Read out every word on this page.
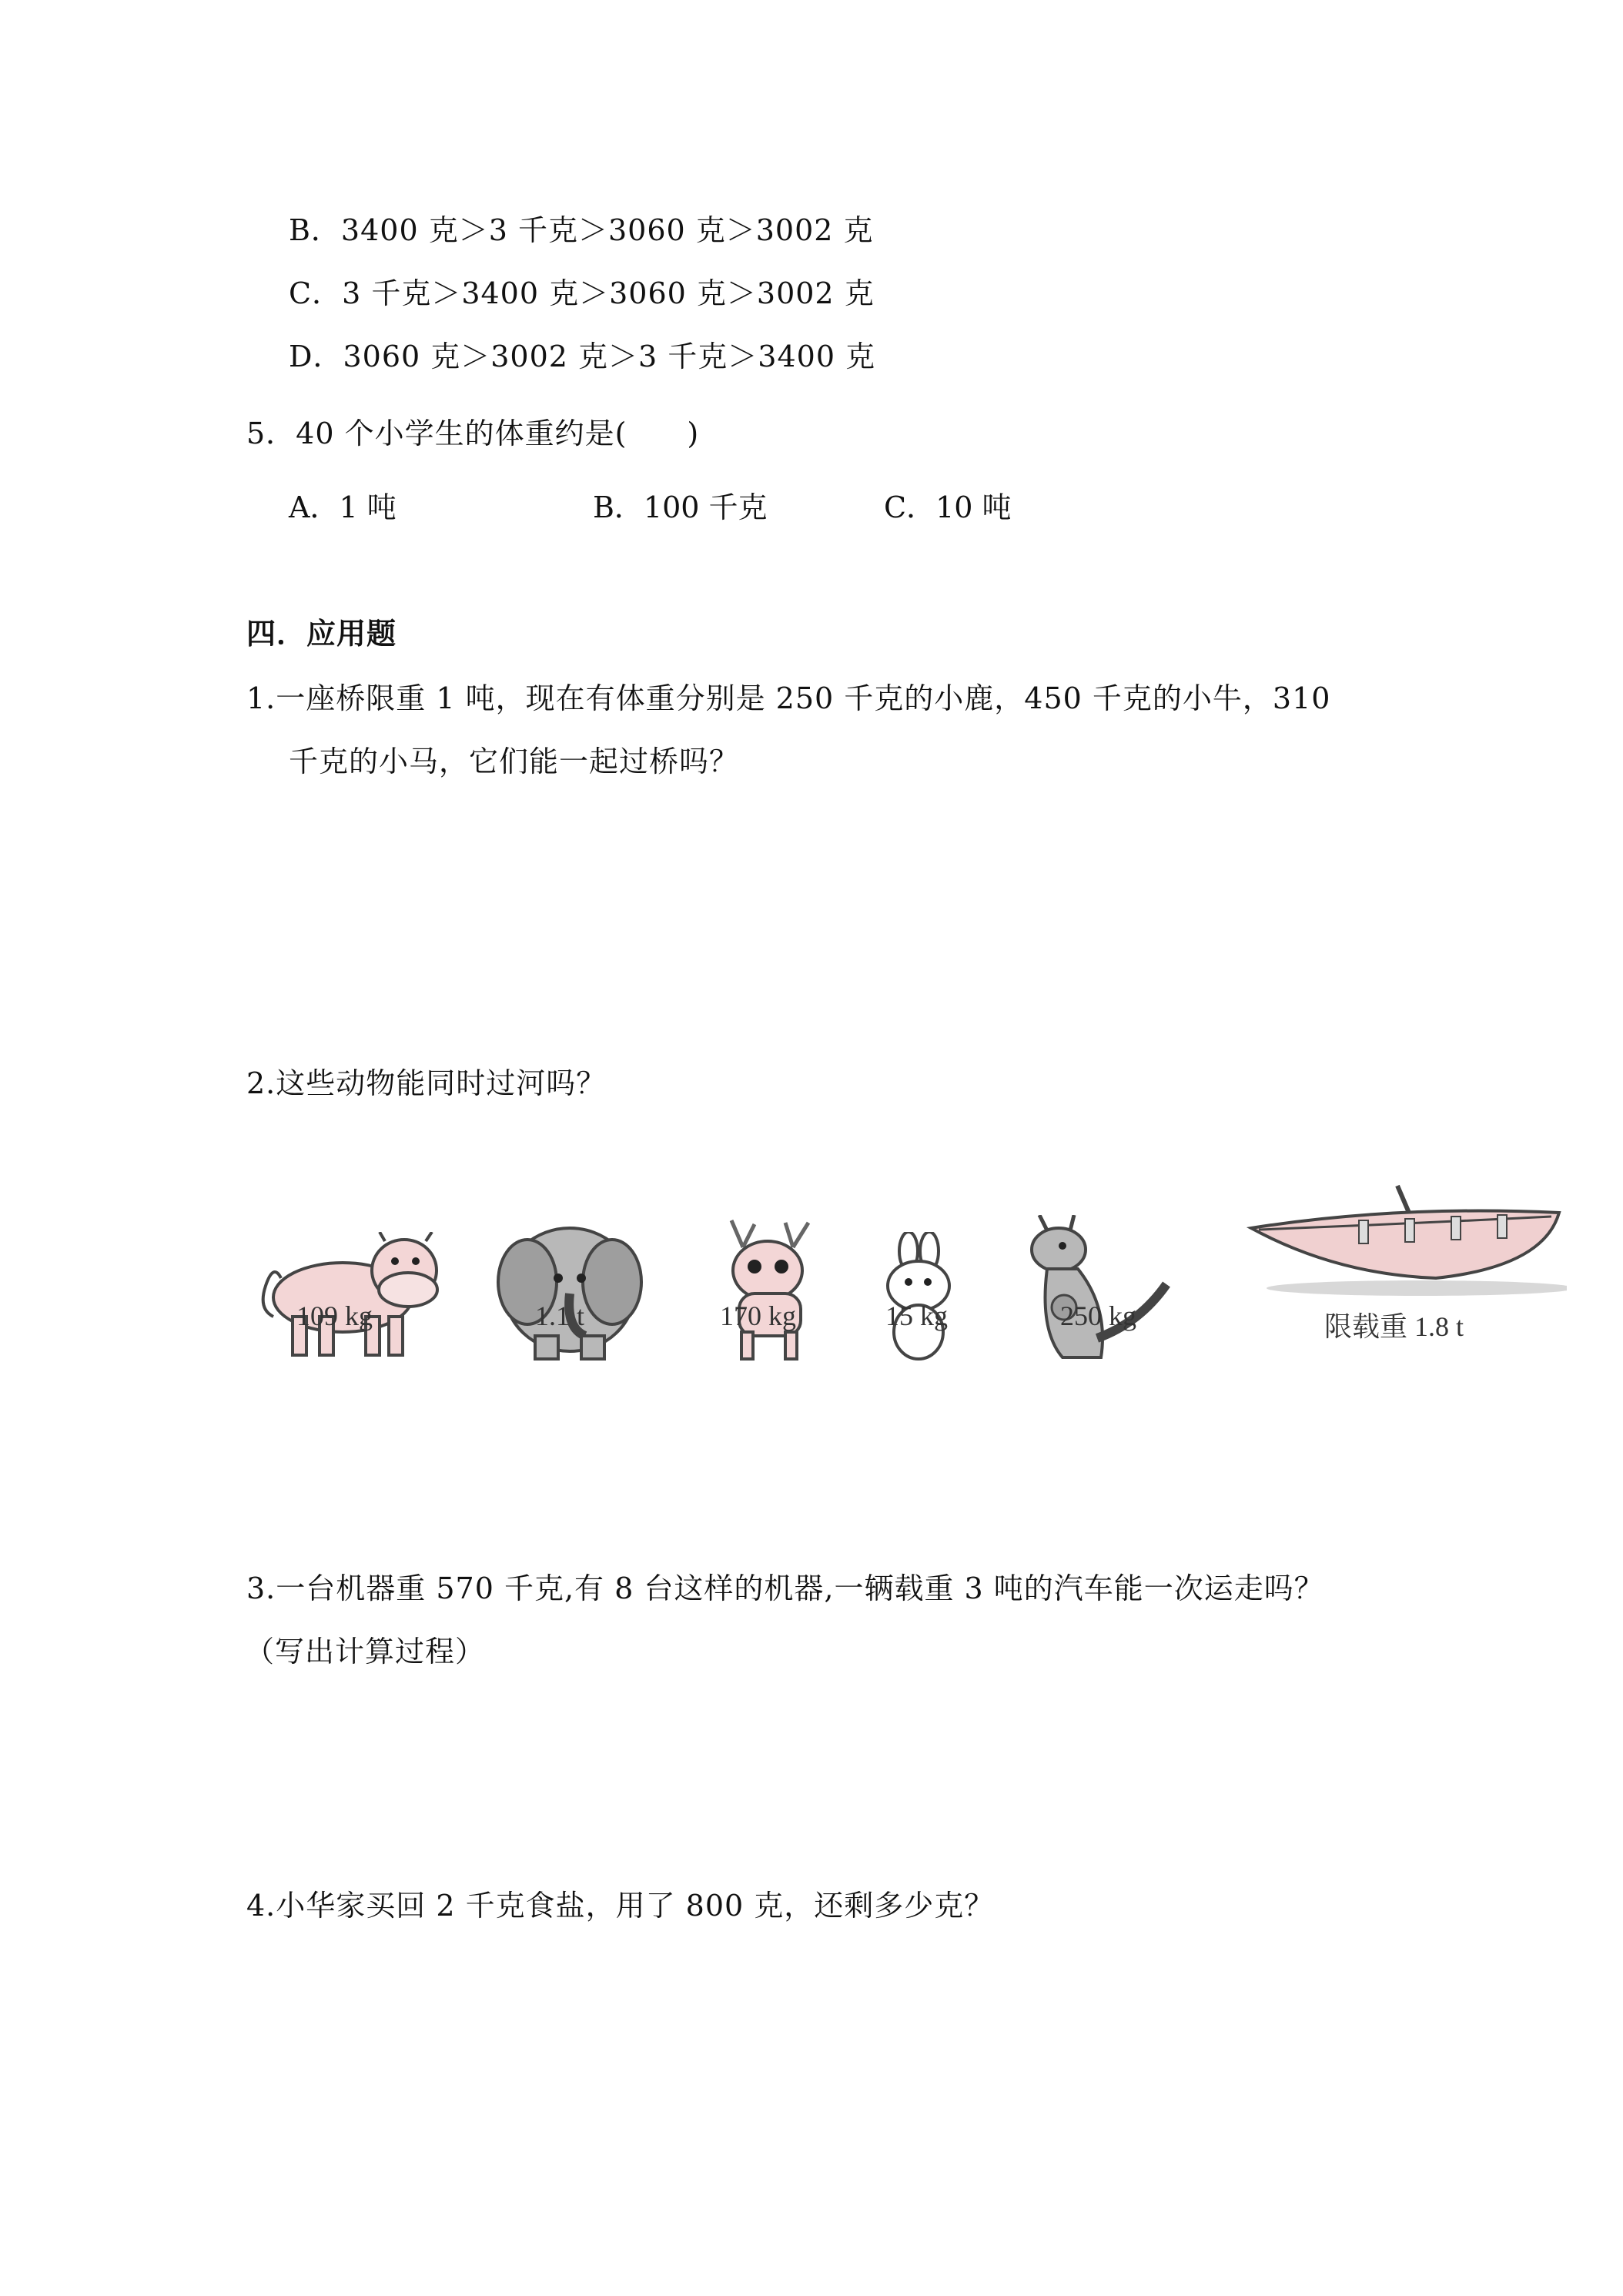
B．3400 克＞3 千克＞3060 克＞3002 克
C．3 千克＞3400 克＞3060 克＞3002 克
D．3060 克＞3002 克＞3 千克＞3400 克
5．40 个小学生的体重约是(　　)
A．1 吨	B．100 千克	C．10 吨
四．应用题
1.一座桥限重 1 吨，现在有体重分别是 250 千克的小鹿，450 千克的小牛，310
千克的小马，它们能一起过桥吗？
2.这些动物能同时过河吗？
109 kg	1.1 t	170 kg	15 kg	250 kg	限载重 1.8 t
3.一台机器重 570 千克,有 8 台这样的机器,一辆载重 3 吨的汽车能一次运走吗？
（写出计算过程）
4.小华家买回 2 千克食盐，用了 800 克，还剩多少克？
